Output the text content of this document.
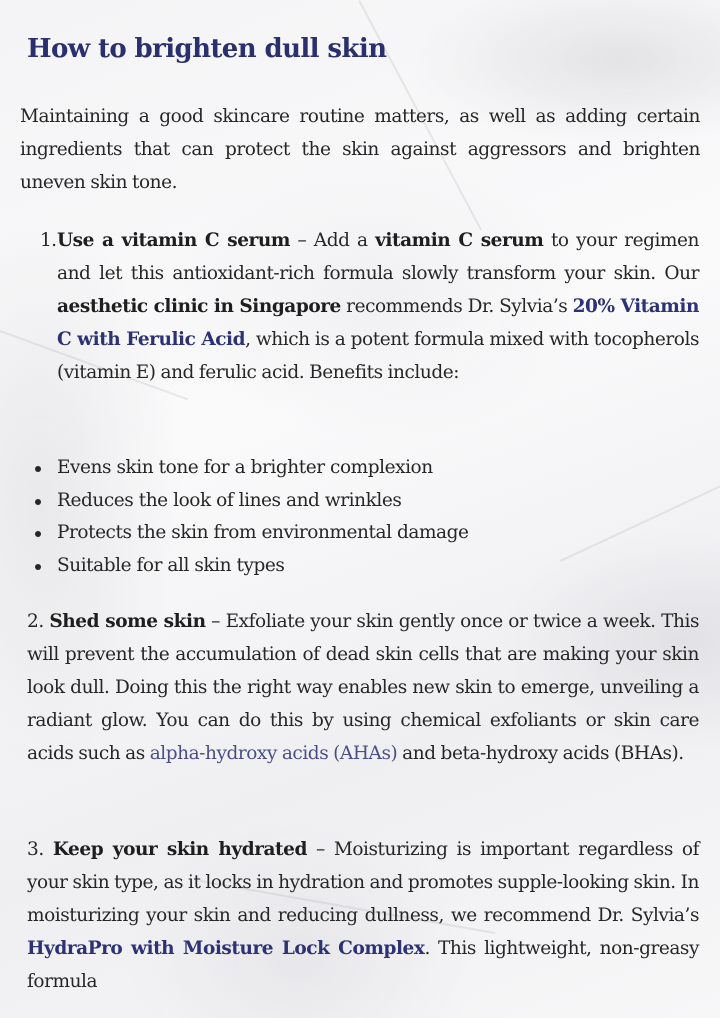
How to brighten dull skin

Maintaining a good skincare routine matters, as well as adding certain ingredients that can protect the skin against aggressors and brighten uneven skin tone.

1. Use a vitamin C serum – Add a vitamin C serum to your regimen and let this antioxidant-rich formula slowly transform your skin. Our aesthetic clinic in Singapore recommends Dr. Sylvia’s 20% Vitamin C with Ferulic Acid, which is a potent formula mixed with tocopherols (vitamin E) and ferulic acid. Benefits include:

Evens skin tone for a brighter complexion
Reduces the look of lines and wrinkles
Protects the skin from environmental damage
Suitable for all skin types

2. Shed some skin – Exfoliate your skin gently once or twice a week. This will prevent the accumulation of dead skin cells that are making your skin look dull. Doing this the right way enables new skin to emerge, unveiling a radiant glow. You can do this by using chemical exfoliants or skin care acids such as alpha-hydroxy acids (AHAs) and beta-hydroxy acids (BHAs).

3. Keep your skin hydrated – Moisturizing is important regardless of your skin type, as it locks in hydration and promotes supple-looking skin. In moisturizing your skin and reducing dullness, we recommend Dr. Sylvia’s HydraPro with Moisture Lock Complex. This lightweight, non-greasy formula
